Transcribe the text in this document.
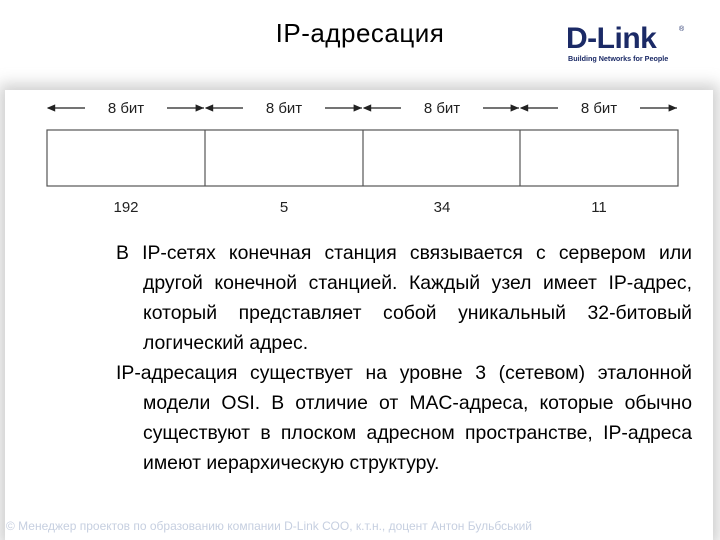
IP-адресация	D-Link	®
Building Networks for People
8 бит
192
8 бит
5
8 бит
34
8 бит
11

В IP-сетях конечная станция связывается с сервером или другой конечной станцией. Каждый узел имеет IP-адрес, который представляет собой уникальный 32-битовый логический адрес.

IP-адресация существует на уровне 3 (сетевом) эталонной модели OSI. В отличие от MAC-адреса, которые обычно существуют в плоском адресном пространстве, IP-адреса имеют иерархическую структуру.

© Менеджер проектов по образованию компании D-Link СОО, к.т.н., доцент Антон Бульбський
